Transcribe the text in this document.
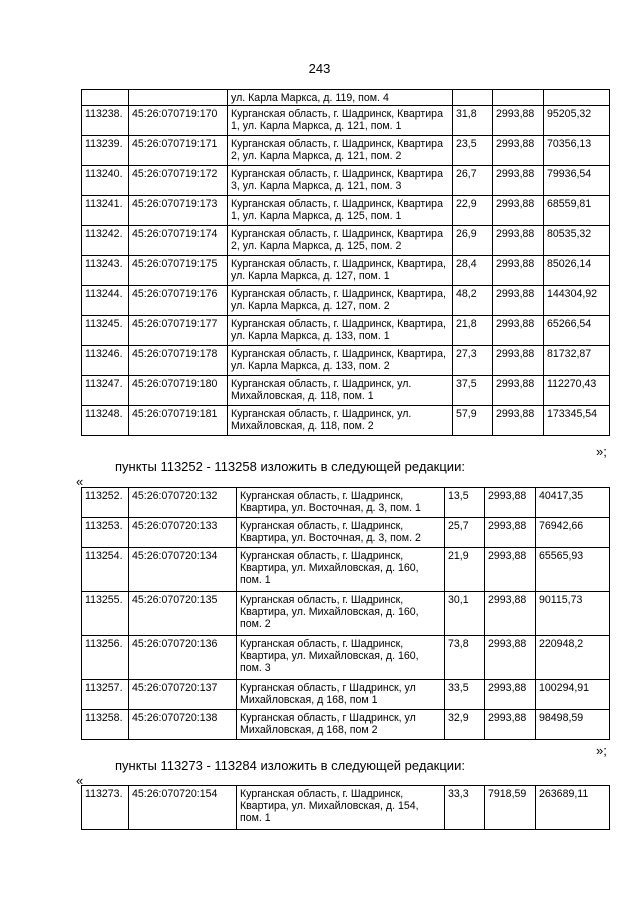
243
		ул. Карла Маркса, д. 119, пом. 4			
113238.	45:26:070719:170	Курганская область, г. Шадринск, Квартира 1, ул. Карла Маркса, д. 121, пом. 1	31,8	2993,88	95205,32
113239.	45:26:070719:171	Курганская область, г. Шадринск, Квартира 2, ул. Карла Маркса, д. 121, пом. 2	23,5	2993,88	70356,13
113240.	45:26:070719:172	Курганская область, г. Шадринск, Квартира 3, ул. Карла Маркса, д. 121, пом. 3	26,7	2993,88	79936,54
113241.	45:26:070719:173	Курганская область, г. Шадринск, Квартира 1, ул. Карла Маркса, д. 125, пом. 1	22,9	2993,88	68559,81
113242.	45:26:070719:174	Курганская область, г. Шадринск, Квартира 2, ул. Карла Маркса, д. 125, пом. 2	26,9	2993,88	80535,32
113243.	45:26:070719:175	Курганская область, г. Шадринск, Квартира, ул. Карла Маркса, д. 127, пом. 1	28,4	2993,88	85026,14
113244.	45:26:070719:176	Курганская область, г. Шадринск, Квартира, ул. Карла Маркса, д. 127, пом. 2	48,2	2993,88	144304,92
113245.	45:26:070719:177	Курганская область, г. Шадринск, Квартира, ул. Карла Маркса, д. 133, пом. 1	21,8	2993,88	65266,54
113246.	45:26:070719:178	Курганская область, г. Шадринск, Квартира, ул. Карла Маркса, д. 133, пом. 2	27,3	2993,88	81732,87
113247.	45:26:070719:180	Курганская область, г. Шадринск, ул. Михайловская, д. 118, пом. 1	37,5	2993,88	112270,43
113248.	45:26:070719:181	Курганская область, г. Шадринск, ул. Михайловская, д. 118, пом. 2	57,9	2993,88	173345,54
»;
пункты 113252 - 113258 изложить в следующей редакции:
«
113252.	45:26:070720:132	Курганская область, г. Шадринск, Квартира, ул. Восточная, д. 3, пом. 1	13,5	2993,88	40417,35
113253.	45:26:070720:133	Курганская область, г. Шадринск, Квартира, ул. Восточная, д. 3, пом. 2	25,7	2993,88	76942,66
113254.	45:26:070720:134	Курганская область, г. Шадринск, Квартира, ул. Михайловская, д. 160, пом. 1	21,9	2993,88	65565,93
113255.	45:26:070720:135	Курганская область, г. Шадринск, Квартира, ул. Михайловская, д. 160, пом. 2	30,1	2993,88	90115,73
113256.	45:26:070720:136	Курганская область, г. Шадринск, Квартира, ул. Михайловская, д. 160, пом. 3	73,8	2993,88	220948,2
113257.	45:26:070720:137	Курганская область, г Шадринск, ул Михайловская, д 168, пом 1	33,5	2993,88	100294,91
113258.	45:26:070720:138	Курганская область, г Шадринск, ул Михайловская, д 168, пом 2	32,9	2993,88	98498,59
»;
пункты 113273 - 113284 изложить в следующей редакции:
«
113273.	45:26:070720:154	Курганская область, г. Шадринск, Квартира, ул. Михайловская, д. 154, пом. 1	33,3	7918,59	263689,11
